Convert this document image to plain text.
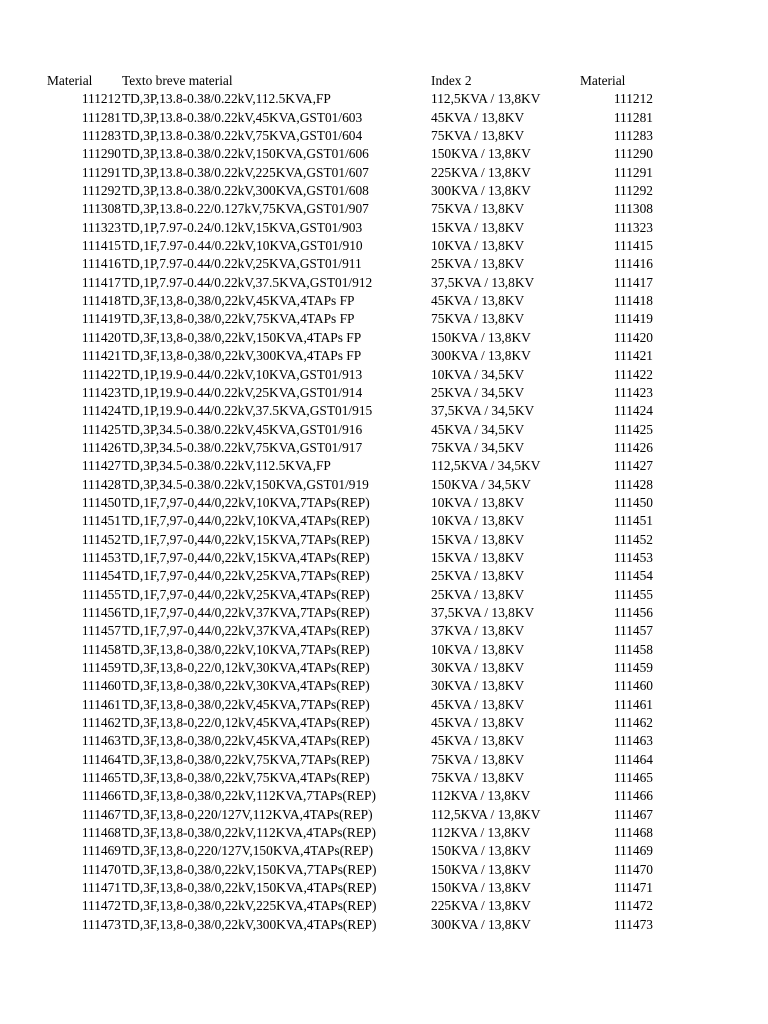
Material Texto breve material	Index 2	Material
111212 TD,3P,13.8-0.38/0.22kV,112.5KVA,FP	112,5KVA / 13,8KV	111212
111281 TD,3P,13.8-0.38/0.22kV,45KVA,GST01/603	45KVA / 13,8KV	111281
111283 TD,3P,13.8-0.38/0.22kV,75KVA,GST01/604	75KVA / 13,8KV	111283
111290 TD,3P,13.8-0.38/0.22kV,150KVA,GST01/606	150KVA / 13,8KV	111290
111291 TD,3P,13.8-0.38/0.22kV,225KVA,GST01/607	225KVA / 13,8KV	111291
111292 TD,3P,13.8-0.38/0.22kV,300KVA,GST01/608	300KVA / 13,8KV	111292
111308 TD,3P,13.8-0.22/0.127kV,75KVA,GST01/907	75KVA / 13,8KV	111308
111323 TD,1P,7.97-0.24/0.12kV,15KVA,GST01/903	15KVA / 13,8KV	111323
111415 TD,1F,7.97-0.44/0.22kV,10KVA,GST01/910	10KVA / 13,8KV	111415
111416 TD,1P,7.97-0.44/0.22kV,25KVA,GST01/911	25KVA / 13,8KV	111416
111417 TD,1P,7.97-0.44/0.22kV,37.5KVA,GST01/912	37,5KVA / 13,8KV	111417
111418 TD,3F,13,8-0,38/0,22kV,45KVA,4TAPs FP	45KVA / 13,8KV	111418
111419 TD,3F,13,8-0,38/0,22kV,75KVA,4TAPs FP	75KVA / 13,8KV	111419
111420 TD,3F,13,8-0,38/0,22kV,150KVA,4TAPs FP	150KVA / 13,8KV	111420
111421 TD,3F,13,8-0,38/0,22kV,300KVA,4TAPs FP	300KVA / 13,8KV	111421
111422 TD,1P,19.9-0.44/0.22kV,10KVA,GST01/913	10KVA / 34,5KV	111422
111423 TD,1P,19.9-0.44/0.22kV,25KVA,GST01/914	25KVA / 34,5KV	111423
111424 TD,1P,19.9-0.44/0.22kV,37.5KVA,GST01/915	37,5KVA / 34,5KV	111424
111425 TD,3P,34.5-0.38/0.22kV,45KVA,GST01/916	45KVA / 34,5KV	111425
111426 TD,3P,34.5-0.38/0.22kV,75KVA,GST01/917	75KVA / 34,5KV	111426
111427 TD,3P,34.5-0.38/0.22kV,112.5KVA,FP	112,5KVA / 34,5KV	111427
111428 TD,3P,34.5-0.38/0.22kV,150KVA,GST01/919	150KVA / 34,5KV	111428
111450 TD,1F,7,97-0,44/0,22kV,10KVA,7TAPs(REP)	10KVA / 13,8KV	111450
111451 TD,1F,7,97-0,44/0,22kV,10KVA,4TAPs(REP)	10KVA / 13,8KV	111451
111452 TD,1F,7,97-0,44/0,22kV,15KVA,7TAPs(REP)	15KVA / 13,8KV	111452
111453 TD,1F,7,97-0,44/0,22kV,15KVA,4TAPs(REP)	15KVA / 13,8KV	111453
111454 TD,1F,7,97-0,44/0,22kV,25KVA,7TAPs(REP)	25KVA / 13,8KV	111454
111455 TD,1F,7,97-0,44/0,22kV,25KVA,4TAPs(REP)	25KVA / 13,8KV	111455
111456 TD,1F,7,97-0,44/0,22kV,37KVA,7TAPs(REP)	37,5KVA / 13,8KV	111456
111457 TD,1F,7,97-0,44/0,22kV,37KVA,4TAPs(REP)	37KVA / 13,8KV	111457
111458 TD,3F,13,8-0,38/0,22kV,10KVA,7TAPs(REP)	10KVA / 13,8KV	111458
111459 TD,3F,13,8-0,22/0,12kV,30KVA,4TAPs(REP)	30KVA / 13,8KV	111459
111460 TD,3F,13,8-0,38/0,22kV,30KVA,4TAPs(REP)	30KVA / 13,8KV	111460
111461 TD,3F,13,8-0,38/0,22kV,45KVA,7TAPs(REP)	45KVA / 13,8KV	111461
111462 TD,3F,13,8-0,22/0,12kV,45KVA,4TAPs(REP)	45KVA / 13,8KV	111462
111463 TD,3F,13,8-0,38/0,22kV,45KVA,4TAPs(REP)	45KVA / 13,8KV	111463
111464 TD,3F,13,8-0,38/0,22kV,75KVA,7TAPs(REP)	75KVA / 13,8KV	111464
111465 TD,3F,13,8-0,38/0,22kV,75KVA,4TAPs(REP)	75KVA / 13,8KV	111465
111466 TD,3F,13,8-0,38/0,22kV,112KVA,7TAPs(REP)	112KVA / 13,8KV	111466
111467 TD,3F,13,8-0,220/127V,112KVA,4TAPs(REP)	112,5KVA / 13,8KV	111467
111468 TD,3F,13,8-0,38/0,22kV,112KVA,4TAPs(REP)	112KVA / 13,8KV	111468
111469 TD,3F,13,8-0,220/127V,150KVA,4TAPs(REP)	150KVA / 13,8KV	111469
111470 TD,3F,13,8-0,38/0,22kV,150KVA,7TAPs(REP)	150KVA / 13,8KV	111470
111471 TD,3F,13,8-0,38/0,22kV,150KVA,4TAPs(REP)	150KVA / 13,8KV	111471
111472 TD,3F,13,8-0,38/0,22kV,225KVA,4TAPs(REP)	225KVA / 13,8KV	111472
111473 TD,3F,13,8-0,38/0,22kV,300KVA,4TAPs(REP)	300KVA / 13,8KV	111473
